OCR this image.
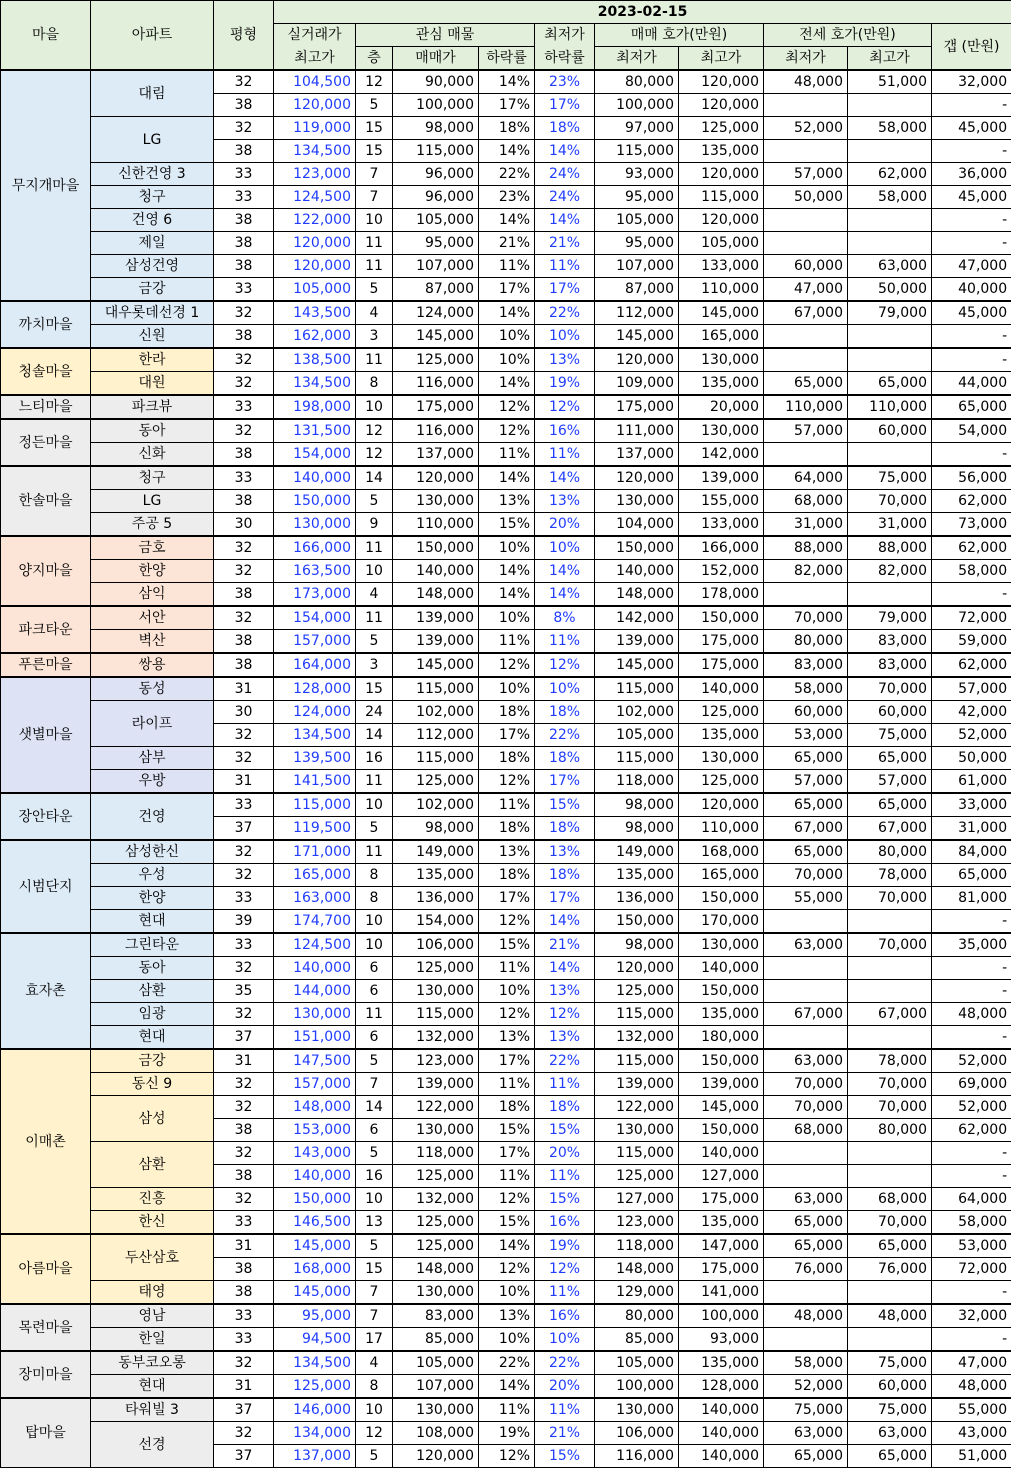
마을	아파트	평형	2023-02-15									
			실거래가	관심 매물			최저가	매매 호가(만원)		전세 호가(만원)		갭 (만원)
			최고가	층	매매가	하락률	하락률	최저가	최고가	최저가	최고가	
무지개마을	대림	32	104,500	12	90,000	14%	23%	80,000	120,000	48,000	51,000	32,000
		38	120,000	5	100,000	17%	17%	100,000	120,000			-
	LG	32	119,000	15	98,000	18%	18%	97,000	125,000	52,000	58,000	45,000
		38	134,500	15	115,000	14%	14%	115,000	135,000			-
	신한건영 3	33	123,000	7	96,000	22%	24%	93,000	120,000	57,000	62,000	36,000
	청구	33	124,500	7	96,000	23%	24%	95,000	115,000	50,000	58,000	45,000
	건영 6	38	122,000	10	105,000	14%	14%	105,000	120,000			-
	제일	38	120,000	11	95,000	21%	21%	95,000	105,000			-
	삼성건영	38	120,000	11	107,000	11%	11%	107,000	133,000	60,000	63,000	47,000
	금강	33	105,000	5	87,000	17%	17%	87,000	110,000	47,000	50,000	40,000
까치마을	대우롯데선경 1	32	143,500	4	124,000	14%	22%	112,000	145,000	67,000	79,000	45,000
	신원	38	162,000	3	145,000	10%	10%	145,000	165,000			-
청솔마을	한라	32	138,500	11	125,000	10%	13%	120,000	130,000			-
	대원	32	134,500	8	116,000	14%	19%	109,000	135,000	65,000	65,000	44,000
느티마을	파크뷰	33	198,000	10	175,000	12%	12%	175,000	20,000	110,000	110,000	65,000
정든마을	동아	32	131,500	12	116,000	12%	16%	111,000	130,000	57,000	60,000	54,000
	신화	38	154,000	12	137,000	11%	11%	137,000	142,000			-
한솔마을	청구	33	140,000	14	120,000	14%	14%	120,000	139,000	64,000	75,000	56,000
	LG	38	150,000	5	130,000	13%	13%	130,000	155,000	68,000	70,000	62,000
	주공 5	30	130,000	9	110,000	15%	20%	104,000	133,000	31,000	31,000	73,000
양지마을	금호	32	166,000	11	150,000	10%	10%	150,000	166,000	88,000	88,000	62,000
	한양	32	163,500	10	140,000	14%	14%	140,000	152,000	82,000	82,000	58,000
	삼익	38	173,000	4	148,000	14%	14%	148,000	178,000			-
파크타운	서안	32	154,000	11	139,000	10%	8%	142,000	150,000	70,000	79,000	72,000
	벽산	38	157,000	5	139,000	11%	11%	139,000	175,000	80,000	83,000	59,000
푸른마을	쌍용	38	164,000	3	145,000	12%	12%	145,000	175,000	83,000	83,000	62,000
샛별마을	동성	31	128,000	15	115,000	10%	10%	115,000	140,000	58,000	70,000	57,000
	라이프	30	124,000	24	102,000	18%	18%	102,000	125,000	60,000	60,000	42,000
		32	134,500	14	112,000	17%	22%	105,000	135,000	53,000	75,000	52,000
	삼부	32	139,500	16	115,000	18%	18%	115,000	130,000	65,000	65,000	50,000
	우방	31	141,500	11	125,000	12%	17%	118,000	125,000	57,000	57,000	61,000
장안타운	건영	33	115,000	10	102,000	11%	15%	98,000	120,000	65,000	65,000	33,000
		37	119,500	5	98,000	18%	18%	98,000	110,000	67,000	67,000	31,000
시범단지	삼성한신	32	171,000	11	149,000	13%	13%	149,000	168,000	65,000	80,000	84,000
	우성	32	165,000	8	135,000	18%	18%	135,000	165,000	70,000	78,000	65,000
	한양	33	163,000	8	136,000	17%	17%	136,000	150,000	55,000	70,000	81,000
	현대	39	174,700	10	154,000	12%	14%	150,000	170,000			-
효자촌	그린타운	33	124,500	10	106,000	15%	21%	98,000	130,000	63,000	70,000	35,000
	동아	32	140,000	6	125,000	11%	14%	120,000	140,000			-
	삼환	35	144,000	6	130,000	10%	13%	125,000	150,000			-
	임광	32	130,000	11	115,000	12%	12%	115,000	135,000	67,000	67,000	48,000
	현대	37	151,000	6	132,000	13%	13%	132,000	180,000			-
이매촌	금강	31	147,500	5	123,000	17%	22%	115,000	150,000	63,000	78,000	52,000
	동신 9	32	157,000	7	139,000	11%	11%	139,000	139,000	70,000	70,000	69,000
	삼성	32	148,000	14	122,000	18%	18%	122,000	145,000	70,000	70,000	52,000
		38	153,000	6	130,000	15%	15%	130,000	150,000	68,000	80,000	62,000
	삼환	32	143,000	5	118,000	17%	20%	115,000	140,000			-
		38	140,000	16	125,000	11%	11%	125,000	127,000			-
	진흥	32	150,000	10	132,000	12%	15%	127,000	175,000	63,000	68,000	64,000
	한신	33	146,500	13	125,000	15%	16%	123,000	135,000	65,000	70,000	58,000
아름마을	두산삼호	31	145,000	5	125,000	14%	19%	118,000	147,000	65,000	65,000	53,000
		38	168,000	15	148,000	12%	12%	148,000	175,000	76,000	76,000	72,000
	태영	38	145,000	7	130,000	10%	11%	129,000	141,000			-
목련마을	영남	33	95,000	7	83,000	13%	16%	80,000	100,000	48,000	48,000	32,000
	한일	33	94,500	17	85,000	10%	10%	85,000	93,000			-
장미마을	동부코오롱	32	134,500	4	105,000	22%	22%	105,000	135,000	58,000	75,000	47,000
	현대	31	125,000	8	107,000	14%	20%	100,000	128,000	52,000	60,000	48,000
탑마을	타워빌 3	37	146,000	10	130,000	11%	11%	130,000	140,000	75,000	75,000	55,000
	선경	32	134,000	12	108,000	19%	21%	106,000	140,000	63,000	63,000	43,000
		37	137,000	5	120,000	12%	15%	116,000	140,000	65,000	65,000	51,000
